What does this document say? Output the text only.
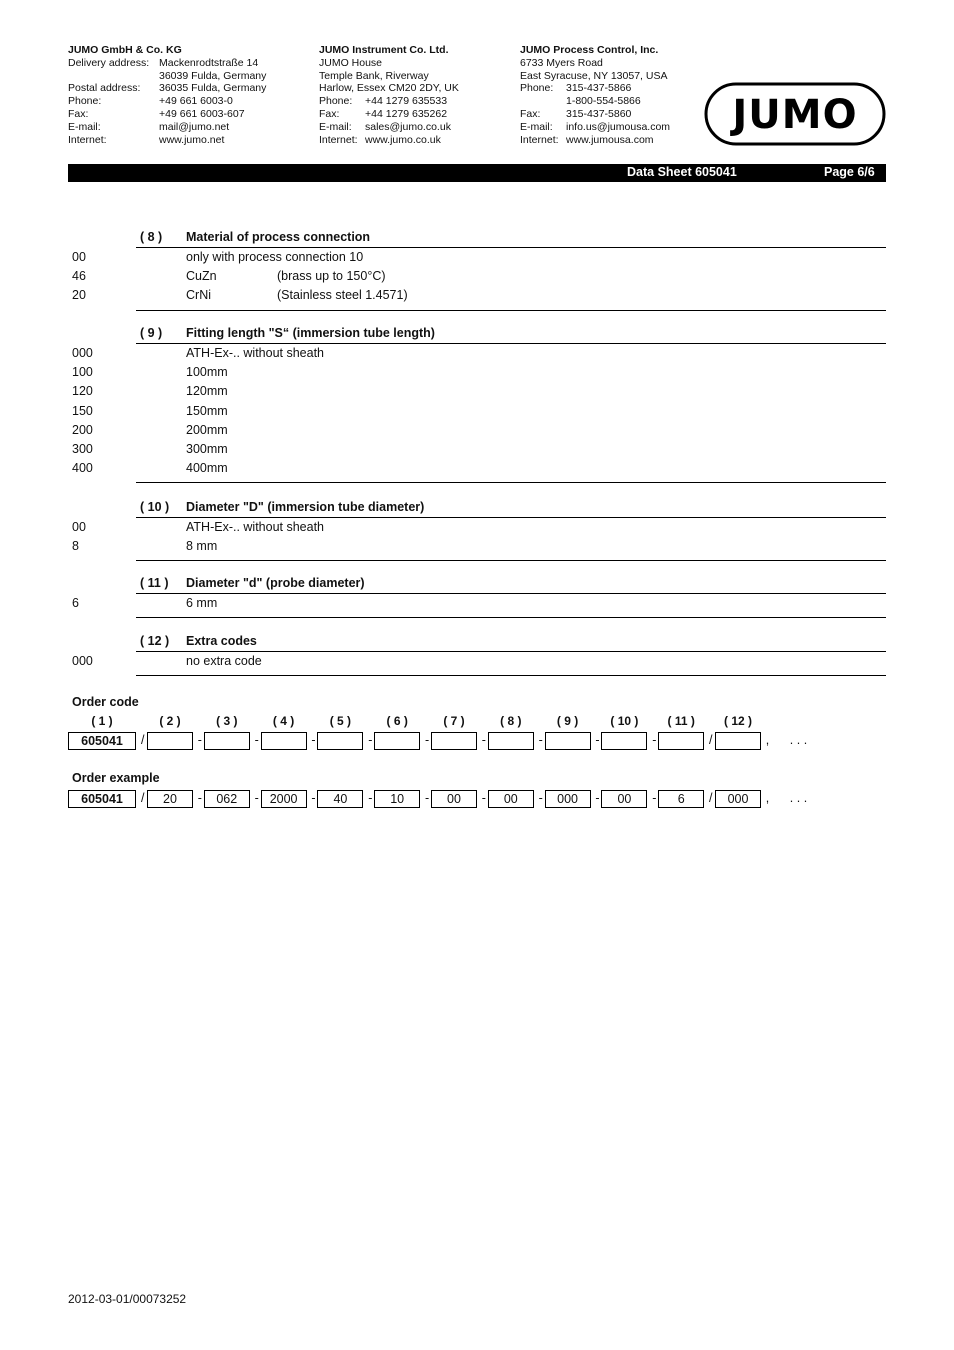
JUMO GmbH & Co. KG
Delivery address: Mackenrodtstraße 14
36039 Fulda, Germany
Postal address: 36035 Fulda, Germany
Phone:	+49 661 6003-0
Fax:	+49 661 6003-607
E-mail:	mail@jumo.net
Internet:	www.jumo.net
JUMO Instrument Co. Ltd.
JUMO House
Temple Bank, Riverway
Harlow, Essex CM20 2DY, UK
Phone: +44 1279 635533
Fax: +44 1279 635262
E-mail: sales@jumo.co.uk
Internet: www.jumo.co.uk
JUMO Process Control, Inc.
6733 Myers Road
East Syracuse, NY 13057, USA
Phone: 315-437-5866
1-800-554-5866
Fax: 315-437-5860
E-mail: info.us@jumousa.com
Internet: www.jumousa.com
JUMO
Data Sheet 605041	Page 6/6
( 8 ) Material of process connection
00	only with process connection 10
46	CuZn	(brass up to 150°C)
20	CrNi	(Stainless steel 1.4571)
( 9 ) Fitting length "S“ (immersion tube length)
000	ATH-Ex-.. without sheath
100	100mm
120	120mm
150	150mm
200	200mm
300	300mm
400	400mm
( 10 ) Diameter "D" (immersion tube diameter)
00	ATH-Ex-.. without sheath
8	8 mm
( 11 ) Diameter "d" (probe diameter)
6	6 mm
( 12 ) Extra codes
000	no extra code
Order code
( 1 )	( 2 )	( 3 )	( 4 )	( 5 )	( 6 )	( 7 )	( 8 )	( 9 )	( 10 )	( 11 )	( 12 )
605041	/	-	-	-	-	-	-	-	-	-	/	, . . .
Order example
605041	/	20	-	062	- 2000	-	40	-	10	-	00	-	00	-	000	-	00	-	6	/	000	, . . .
2012-03-01/00073252
